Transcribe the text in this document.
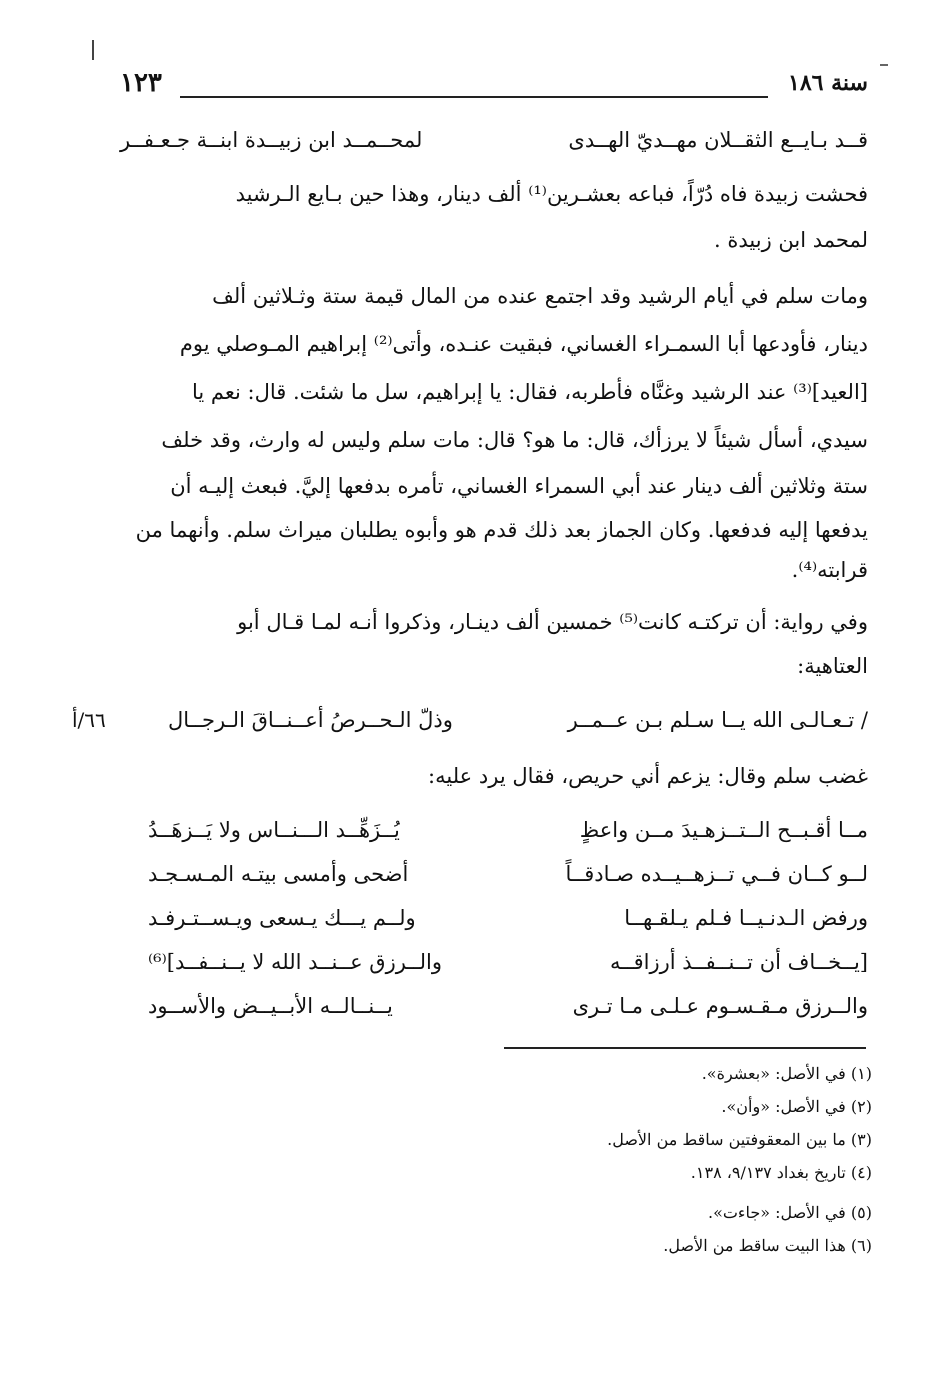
١٢٣	سنة ١٨٦
قــد بـايــع الثقــلان مهــديّ الهــدى
لمحــمــد ابن زبيــدة ابنــة جـعـفــر
فحشت زبيدة فاه دُرّاً، فباعه بعشـرين⁽¹⁾ ألف دينار، وهذا حين بـايع الـرشيد
لمحمد ابن زبيدة .
ومات سلم في أيام الرشيد وقد اجتمع عنده من المال قيمة ستة وثـلاثين ألف
دينار، فأودعها أبا السمـراء الغساني، فبقيت عنـده، وأتى⁽²⁾ إبراهيم المـوصلي يوم
[العيد]⁽³⁾ عند الرشيد وغنَّاه فأطربه، فقال: يا إبراهيم، سل ما شئت. قال: نعم يا
سيدي، أسأل شيئاً لا يرزأك، قال: ما هو؟ قال: مات سلم وليس له وارث، وقد خلف
ستة وثلاثين ألف دينار عند أبي السمراء الغساني، تأمره بدفعها إليَّ. فبعث إليـه أن
يدفعها إليه فدفعها. وكان الجماز بعد ذلك قدم هو وأبوه يطلبان ميراث سلم. وأنهما من
قرابته⁽⁴⁾.
وفي رواية: أن تركتـه كانت⁽⁵⁾ خمسين ألف دينـار، وذكروا أنـه لمـا قـال أبو
العتاهية:
/ تـعـالـى الله يــا سـلم بـن عــمــر
وذلّ الـحــرصُ أعــنــاقَ الـرجــال
٦٦/أ
غضب سلم وقال: يزعم أني حريص، فقال يرد عليه:
مــا أقـبــح الــتــزهـيدَ مــن واعظٍ
يُــزَهِّــد الـــنــاس ولا يَــزهَــدُ
لــو كــان فــي تــزهــيــده صـادقــاً
أضحى وأمسى بيتـه المـسـجـد
ورفض الـدنـيــا فـلم يـلقـهــا
ولــم يـــك يـسعى ويـســتـرفـد
[يــخــاف أن تــنــفــذ أرزاقــه
والــرزق عــنــد الله لا يــنــفــد]⁽⁶⁾
والــرزق مـقـسـوم عـلـى مـا تـرى
يــنــالــه الأبــيــض والأســود
(١) في الأصل: «بعشرة».
(٢) في الأصل: «وأن».
(٣) ما بين المعقوفتين ساقط من الأصل.
(٤) تاريخ بغداد ٩/١٣٧، ١٣٨.
(٥) في الأصل: «جاءت».
(٦) هذا البيت ساقط من الأصل.
